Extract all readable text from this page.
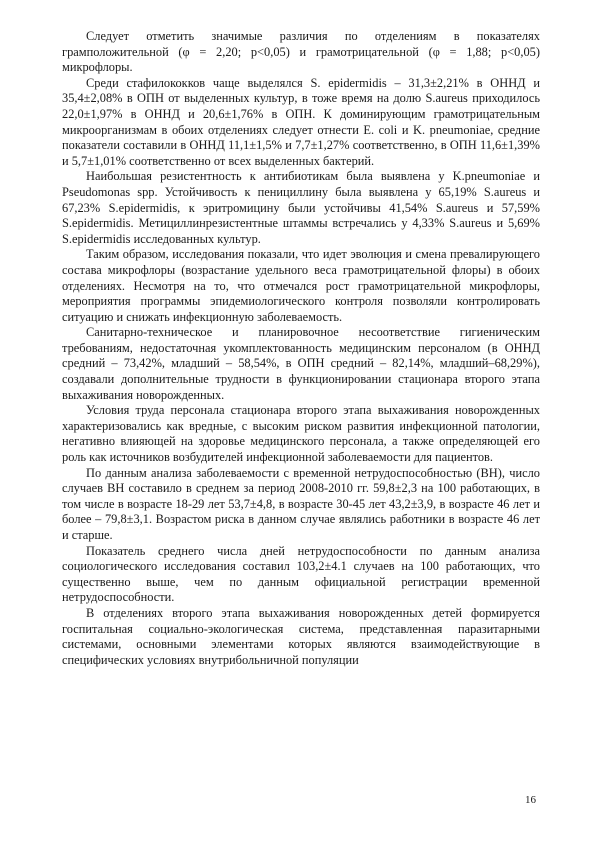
Следует отметить значимые различия по отделениям в показателях грамположительной (φ = 2,20; p<0,05) и грамотрицательной (φ = 1,88; p<0,05) микрофлоры.

Среди стафилококков чаще выделялся S. epidermidis – 31,3±2,21% в ОННД и 35,4±2,08% в ОПН от выделенных культур, в тоже время на долю S.aureus приходилось 22,0±1,97% в ОННД и 20,6±1,76% в ОПН. К доминирующим грамотрицательным микроорганизмам в обоих отделениях следует отнести E. coli и K. pneumoniae, средние показатели составили в ОННД 11,1±1,5% и 7,7±1,27% соответственно, в ОПН 11,6±1,39% и 5,7±1,01% соответственно от всех выделенных бактерий.

Наибольшая резистентность к антибиотикам была выявлена у K.pneumoniae и Pseudomonas spp. Устойчивость к пенициллину была выявлена у 65,19% S.aureus и 67,23% S.epidermidis, к эритромицину были устойчивы 41,54% S.aureus и 57,59% S.epidermidis. Метициллинрезистентные штаммы встречались у 4,33% S.aureus и 5,69% S.epidermidis исследованных культур.

Таким образом, исследования показали, что идет эволюция и смена превалирующего состава микрофлоры (возрастание удельного веса грамотрицательной флоры) в обоих отделениях. Несмотря на то, что отмечался рост грамотрицательной микрофлоры, мероприятия программы эпидемиологического контроля позволяли контролировать ситуацию и снижать инфекционную заболеваемость.

Санитарно-техническое и планировочное несоответствие гигиеническим требованиям, недостаточная укомплектованность медицинским персоналом (в ОННД средний – 73,42%, младший – 58,54%, в ОПН средний – 82,14%, младший–68,29%), создавали дополнительные трудности в функционировании стационара второго этапа выхаживания новорожденных.

Условия труда персонала стационара второго этапа выхаживания новорожденных характеризовались как вредные, с высоким риском развития инфекционной патологии, негативно влияющей на здоровье медицинского персонала, а также определяющей его роль как источников возбудителей инфекционной заболеваемости для пациентов.

По данным анализа заболеваемости с временной нетрудоспособностью (ВН), число случаев ВН составило в среднем за период 2008-2010 гг. 59,8±2,3 на 100 работающих, в том числе в возрасте 18-29 лет 53,7±4,8, в возрасте 30-45 лет 43,2±3,9, в возрасте 46 лет и более – 79,8±3,1. Возрастом риска в данном случае являлись работники в возрасте 46 лет и старше.

Показатель среднего числа дней нетрудоспособности по данным анализа социологического исследования составил 103,2±4.1 случаев на 100 работающих, что существенно выше, чем по данным официальной регистрации временной нетрудоспособности.

В отделениях второго этапа выхаживания новорожденных детей формируется госпитальная социально-экологическая система, представленная паразитарными системами, основными элементами которых являются взаимодействующие в специфических условиях внутрибольничной популяции

16
